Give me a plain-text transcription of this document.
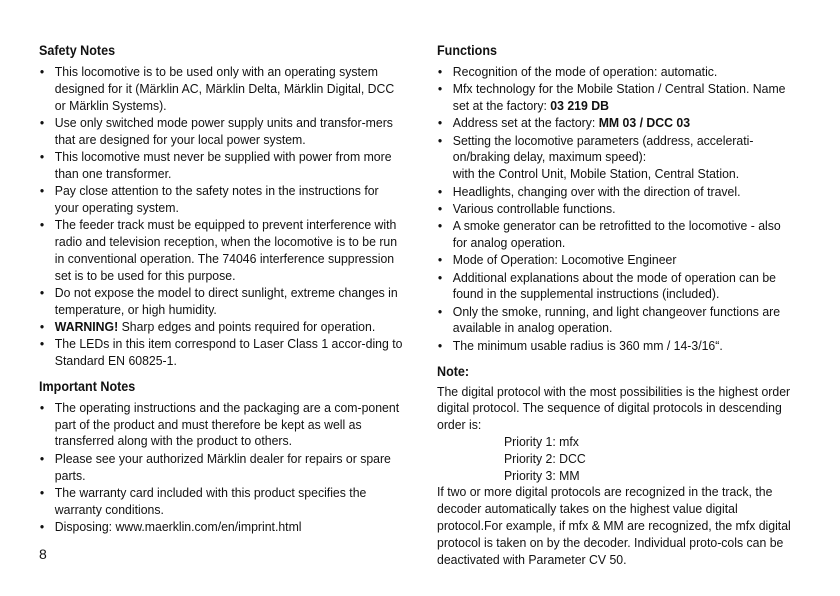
Safety Notes
• This locomotive is to be used only with an operating system designed for it (Märklin AC, Märklin Delta, Märklin Digital, DCC or Märklin Systems).
• Use only switched mode power supply units and transfor-mers that are designed for your local power system.
• This locomotive must never be supplied with power from more than one transformer.
• Pay close attention to the safety notes in the instructions for your operating system.
• The feeder track must be equipped to prevent interference with radio and television reception, when the locomotive is to be run in conventional operation. The 74046 interference suppression set is to be used for this purpose.
• Do not expose the model to direct sunlight, extreme changes in temperature, or high humidity.
• WARNING! Sharp edges and points required for operation.
• The LEDs in this item correspond to Laser Class 1 accor-ding to Standard EN 60825-1.
Important Notes
• The operating instructions and the packaging are a com-ponent part of the product and must therefore be kept as well as transferred along with the product to others.
• Please see your authorized Märklin dealer for repairs or spare parts.
• The warranty card included with this product specifies the warranty conditions.
• Disposing: www.maerklin.com/en/imprint.html
8
Functions
• Recognition of the mode of operation: automatic.
• Mfx technology for the Mobile Station / Central Station. Name set at the factory: 03 219 DB
• Address set at the factory: MM 03 / DCC 03
• Setting the locomotive parameters (address, accelerati-on/braking delay, maximum speed):
with the Control Unit, Mobile Station, Central Station.
• Headlights, changing over with the direction of travel.
• Various controllable functions.
• A smoke generator can be retrofitted to the locomotive - also for analog operation.
• Mode of Operation: Locomotive Engineer
• Additional explanations about the mode of operation can be found in the supplemental instructions (included).
• Only the smoke, running, and light changeover functions are available in analog operation.
• The minimum usable radius is 360 mm / 14-3/16“.
Note:

The digital protocol with the most possibilities is the highest order digital protocol. The sequence of digital protocols in descending order is:

Priority 1: mfx

Priority 2: DCC

Priority 3: MM

If two or more digital protocols are recognized in the track, the decoder automatically takes on the highest value digital protocol.For example, if mfx & MM are recognized, the mfx digital protocol is taken on by the decoder. Individual proto-cols can be deactivated with Parameter CV 50.
